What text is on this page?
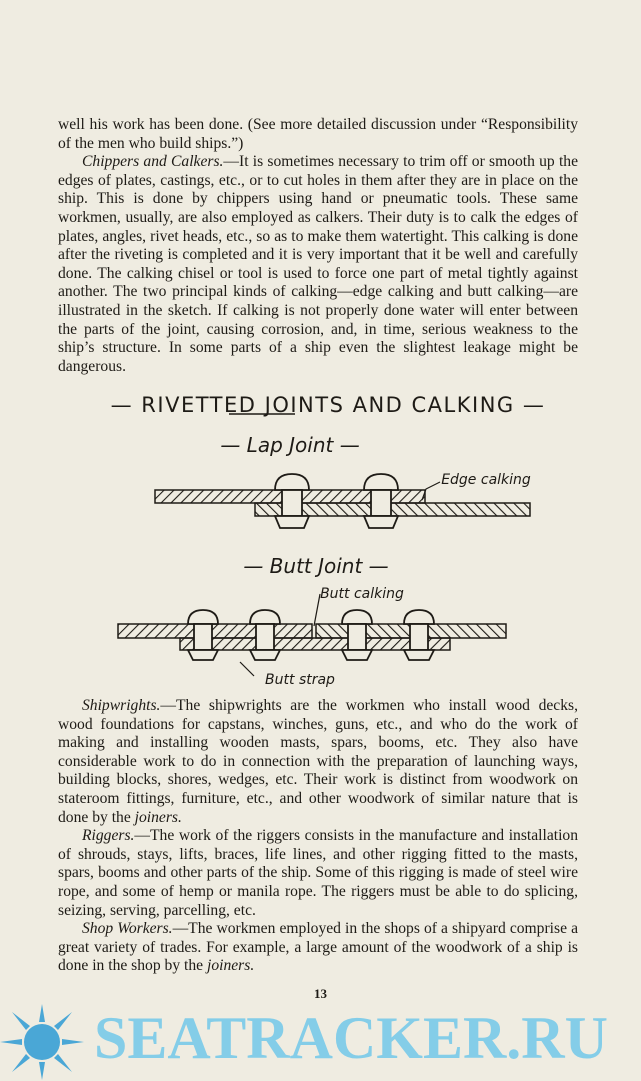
well his work has been done. (See more detailed discussion under “Responsibility of the men who build ships.”)

Chippers and Calkers.—It is sometimes necessary to trim off or smooth up the edges of plates, castings, etc., or to cut holes in them after they are in place on the ship. This is done by chippers using hand or pneumatic tools. These same workmen, usually, are also employed as calkers. Their duty is to calk the edges of plates, angles, rivet heads, etc., so as to make them watertight. This calking is done after the riveting is completed and it is very important that it be well and carefully done. The calking chisel or tool is used to force one part of metal tightly against another. The two principal kinds of calking—edge calking and butt calking—are illustrated in the sketch. If calking is not properly done water will enter between the parts of the joint, causing corrosion, and, in time, serious weakness to the ship’s structure. In some parts of a ship even the slightest leakage might be dangerous.

— RIVETTED JOINTS AND CALKING —
— Lap Joint —
Edge calking
— Butt Joint —
Butt calking
Butt strap

Shipwrights.—The shipwrights are the workmen who install wood decks, wood foundations for capstans, winches, guns, etc., and who do the work of making and installing wooden masts, spars, booms, etc. They also have considerable work to do in connection with the preparation of launching ways, building blocks, shores, wedges, etc. Their work is distinct from woodwork on stateroom fittings, furniture, etc., and other woodwork of similar nature that is done by the joiners.

Riggers.—The work of the riggers consists in the manufacture and installation of shrouds, stays, lifts, braces, life lines, and other rigging fitted to the masts, spars, booms and other parts of the ship. Some of this rigging is made of steel wire rope, and some of hemp or manila rope. The riggers must be able to do splicing, seizing, serving, parcelling, etc.

Shop Workers.—The workmen employed in the shops of a shipyard comprise a great variety of trades. For example, a large amount of the woodwork of a ship is done in the shop by the joiners.

13
SEATRACKER.RU
